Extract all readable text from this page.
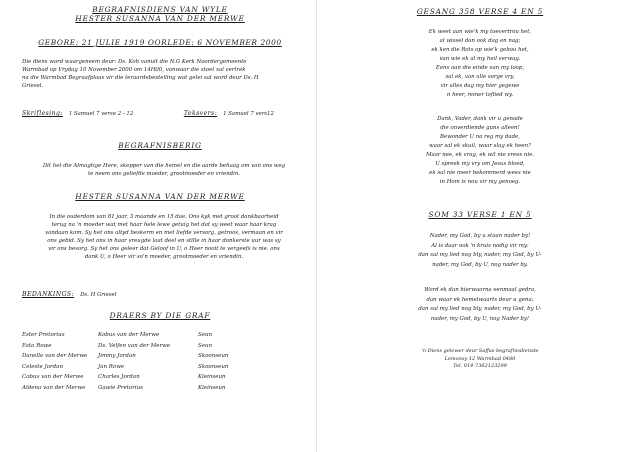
BEGRAFNISDIENS VAN WYLE

HESTER SUSANNA VAN DER MERWE

GEBORE: 21 JULIE 1919 OORLEDE: 6 NOVEMBER 2000

Die diens word waargeneem deur: Ds. Koh vanuit die N.G Kerk Noordergemeente

Warmbad op Vrydag 10 November 2000 om 14H00, vanwaar die stoet sal vertrek

na die Warmbad Begraafplaas vir die teraardebestelling wat gelei sal word deur Ds. H

Griesel.

Skriflesing: 1 Samuel 7 verse 2 - 12	Teksvers: 1 Samuel 7 vers12

BEGRAFNISBERIG

Dit het die Almagtige Here, skepper van die hemel en die aarde behaag om van ons weg

te neem ons geliefde moeder, grootmoeder en vriendin.

HESTER SUSANNA VAN DER MERWE

In die ouderdom van 81 jaar, 3 maande en 15 dae. Ons kyk met groot dankbaarheid

terug na 'n moeder wat met haar hele lewe getuig het dat sy weet waar haar krag

vandaan kom. Sy het ons altyd beskerm en met liefde versorg, getroos, vermaan en vir

ons gebid. Sy het ons in haar vreugde laat deel en stille in haar donkerste uur was sy

vir ons besorg. Sy het ons geleer dat Geloof in U, o Heer nooit te vergeefs is nie. ons

dank U, o Heer vir so'n moeder, grootmoeder en vriendin.

BEDANKINGS: Ds. H Griesel

DRAERS BY DIE GRAF

Ester Pretorius	Kobus van der Merwe	Seun
Esta Rowe	Ds. Velfen van der Merwe	Seun
Danelle van der Merwe	Jimmy Jordan	Skoonseun
Celeste Jordan	Jan Rowe	Skoonseun
Cobus van der Merwe	Charles Jordan	Kleinseun
Aldena van der Merwe	Gawie Pretorius	Kleinseun

GESANG 358 VERSE 4 EN 5

Ek weet aan wie'k my toevertrou het,

al wissel dan ook dag en nag;

ek ken die Rots op wie'k gebou het,

van wie ek al my heil verwag.

Eens aan die einde van my loop,

sal ek, van alle sorge vry,

vir alles dag my hier gegewe

n heer, reiner loflied wy.

Dank, Vader, dank vir u genade

die onverdiende guns alleen!

Bewonder U na reg my dade,

waar sal ek skuil, waar slag ek heen?

Maar nee, ek vrag, ek wil nie vrees nie.

U spreek my vry om Jesus bloed,

ek sal nie meer bekommerd wees nie

in Hom is nou vir my genoeg.

SOM 33 VERSE 1 EN 5

Nader, my God, by u staan nader by!

Al is daar ook 'n kruis nodig vir my:

dan sal my lied nog bly, nader, my God, by U-

nader, my God, by U, nog nader by.

Word ek dan hierwaarna eenmaal gedra,

dan waar ek hemelwaarts deur u gena;

dan sal my lied nog bly, nader, my God, by U-

nader, my God, by U, nog Nader by!

'n Diens gelewer deur Saffas begrafnisdienste

Lemonsy 12 Warmbad 0480

Tel. 014-7362123299
